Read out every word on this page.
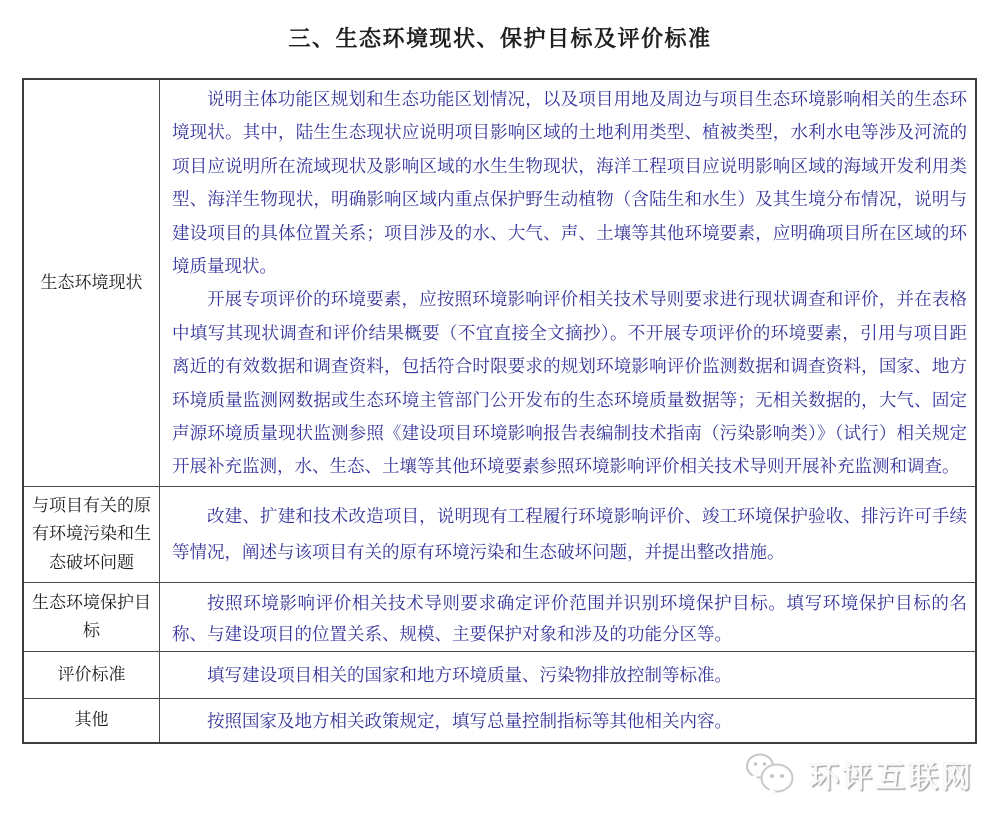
三、生态环境现状、保护目标及评价标准
生态环境现状

说明主体功能区规划和生态功能区划情况，以及项目用地及周边与项目生态环境影响相关的生态环境现状。其中，陆生生态现状应说明项目影响区域的土地利用类型、植被类型，水利水电等涉及河流的项目应说明所在流域现状及影响区域的水生生物现状，海洋工程项目应说明影响区域的海域开发利用类型、海洋生物现状，明确影响区域内重点保护野生动植物（含陆生和水生）及其生境分布情况，说明与建设项目的具体位置关系；项目涉及的水、大气、声、土壤等其他环境要素，应明确项目所在区域的环境质量现状。

开展专项评价的环境要素，应按照环境影响评价相关技术导则要求进行现状调查和评价，并在表格中填写其现状调查和评价结果概要（不宜直接全文摘抄）。不开展专项评价的环境要素，引用与项目距离近的有效数据和调查资料，包括符合时限要求的规划环境影响评价监测数据和调查资料，国家、地方环境质量监测网数据或生态环境主管部门公开发布的生态环境质量数据等；无相关数据的，大气、固定声源环境质量现状监测参照《建设项目环境影响报告表编制技术指南（污染影响类）》（试行）相关规定开展补充监测，水、生态、土壤等其他环境要素参照环境影响评价相关技术导则开展补充监测和调查。

与项目有关的原有环境污染和生态破坏问题

改建、扩建和技术改造项目，说明现有工程履行环境影响评价、竣工环境保护验收、排污许可手续等情况，阐述与该项目有关的原有环境污染和生态破坏问题，并提出整改措施。

生态环境保护目标

按照环境影响评价相关技术导则要求确定评价范围并识别环境保护目标。填写环境保护目标的名称、与建设项目的位置关系、规模、主要保护对象和涉及的功能分区等。

评价标准	填写建设项目相关的国家和地方环境质量、污染物排放控制等标准。

其他	按照国家及地方相关政策规定，填写总量控制指标等其他相关内容。

环评互联网
